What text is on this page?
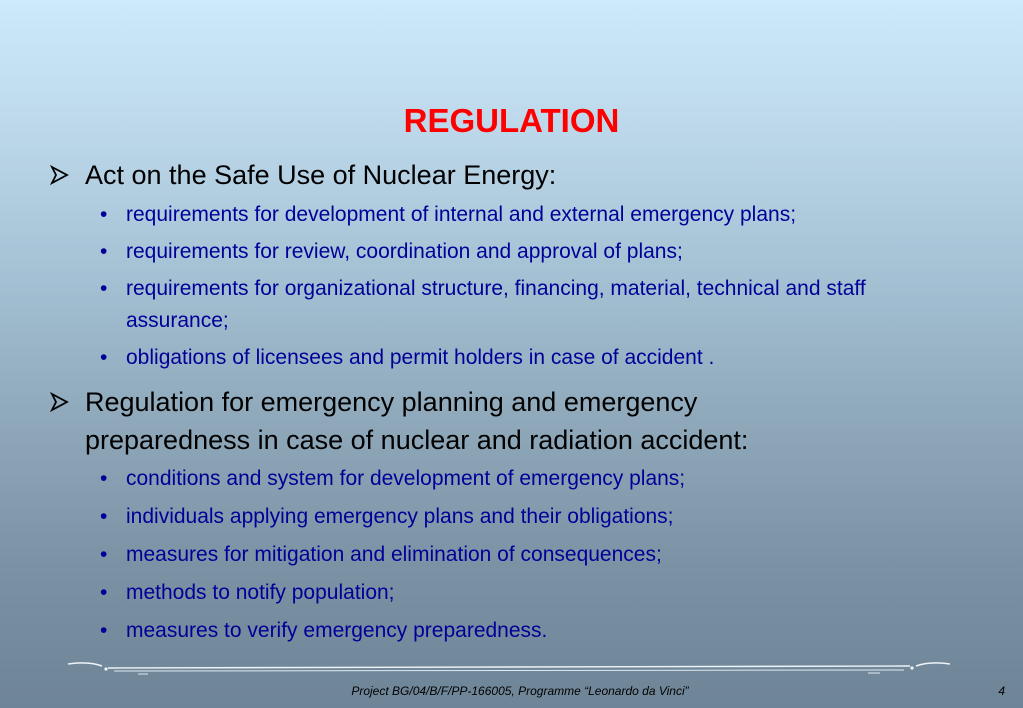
REGULATION

Act on the Safe Use of Nuclear Energy:

• requirements for development of internal and external emergency plans;
• requirements for review, coordination and approval of plans;
• requirements for organizational structure, financing, material, technical and staff assurance;
• obligations of licensees and permit holders in case of accident .

Regulation for emergency planning and emergency preparedness in case of nuclear and radiation accident:

• conditions and system for development of emergency plans;
• individuals applying emergency plans and their obligations;
• measures for mitigation and elimination of consequences;
• methods to notify population;
• measures to verify emergency preparedness.
Project BG/04/B/F/PP-166005, Programme “Leonardo da Vinci”	4
